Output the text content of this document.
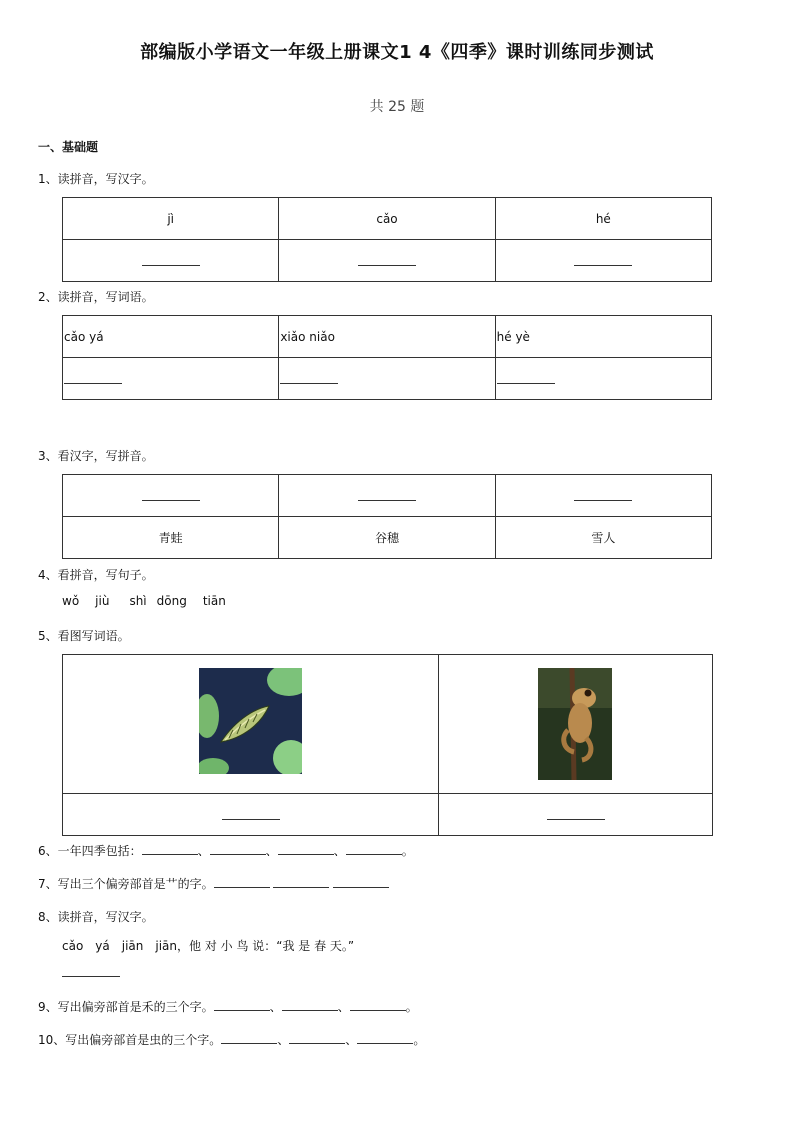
部编版小学语文一年级上册课文1 4《四季》课时训练同步测试
共 25 题
一、基础题
1、读拼音，写汉字。
jì	cǎo	hé

2、读拼音，写词语。
cǎo yá	xiǎo niǎo	hé yè

3、看汉字，写拼音。

青蛙	谷穗	雪人
4、看拼音，写句子。
wǒ jiù shì dōng tiān
5、看图写词语。

6、一年四季包括：	、	、	、	。
7、写出三个偏旁部首是艹的字。
8、读拼音，写汉字。
cǎo　yá　jiān　jiān，他 对 小 鸟 说：“我 是 春 天。”
9、写出偏旁部首是禾的三个字。	、	、	。
10、写出偏旁部首是虫的三个字。	、	、	。
